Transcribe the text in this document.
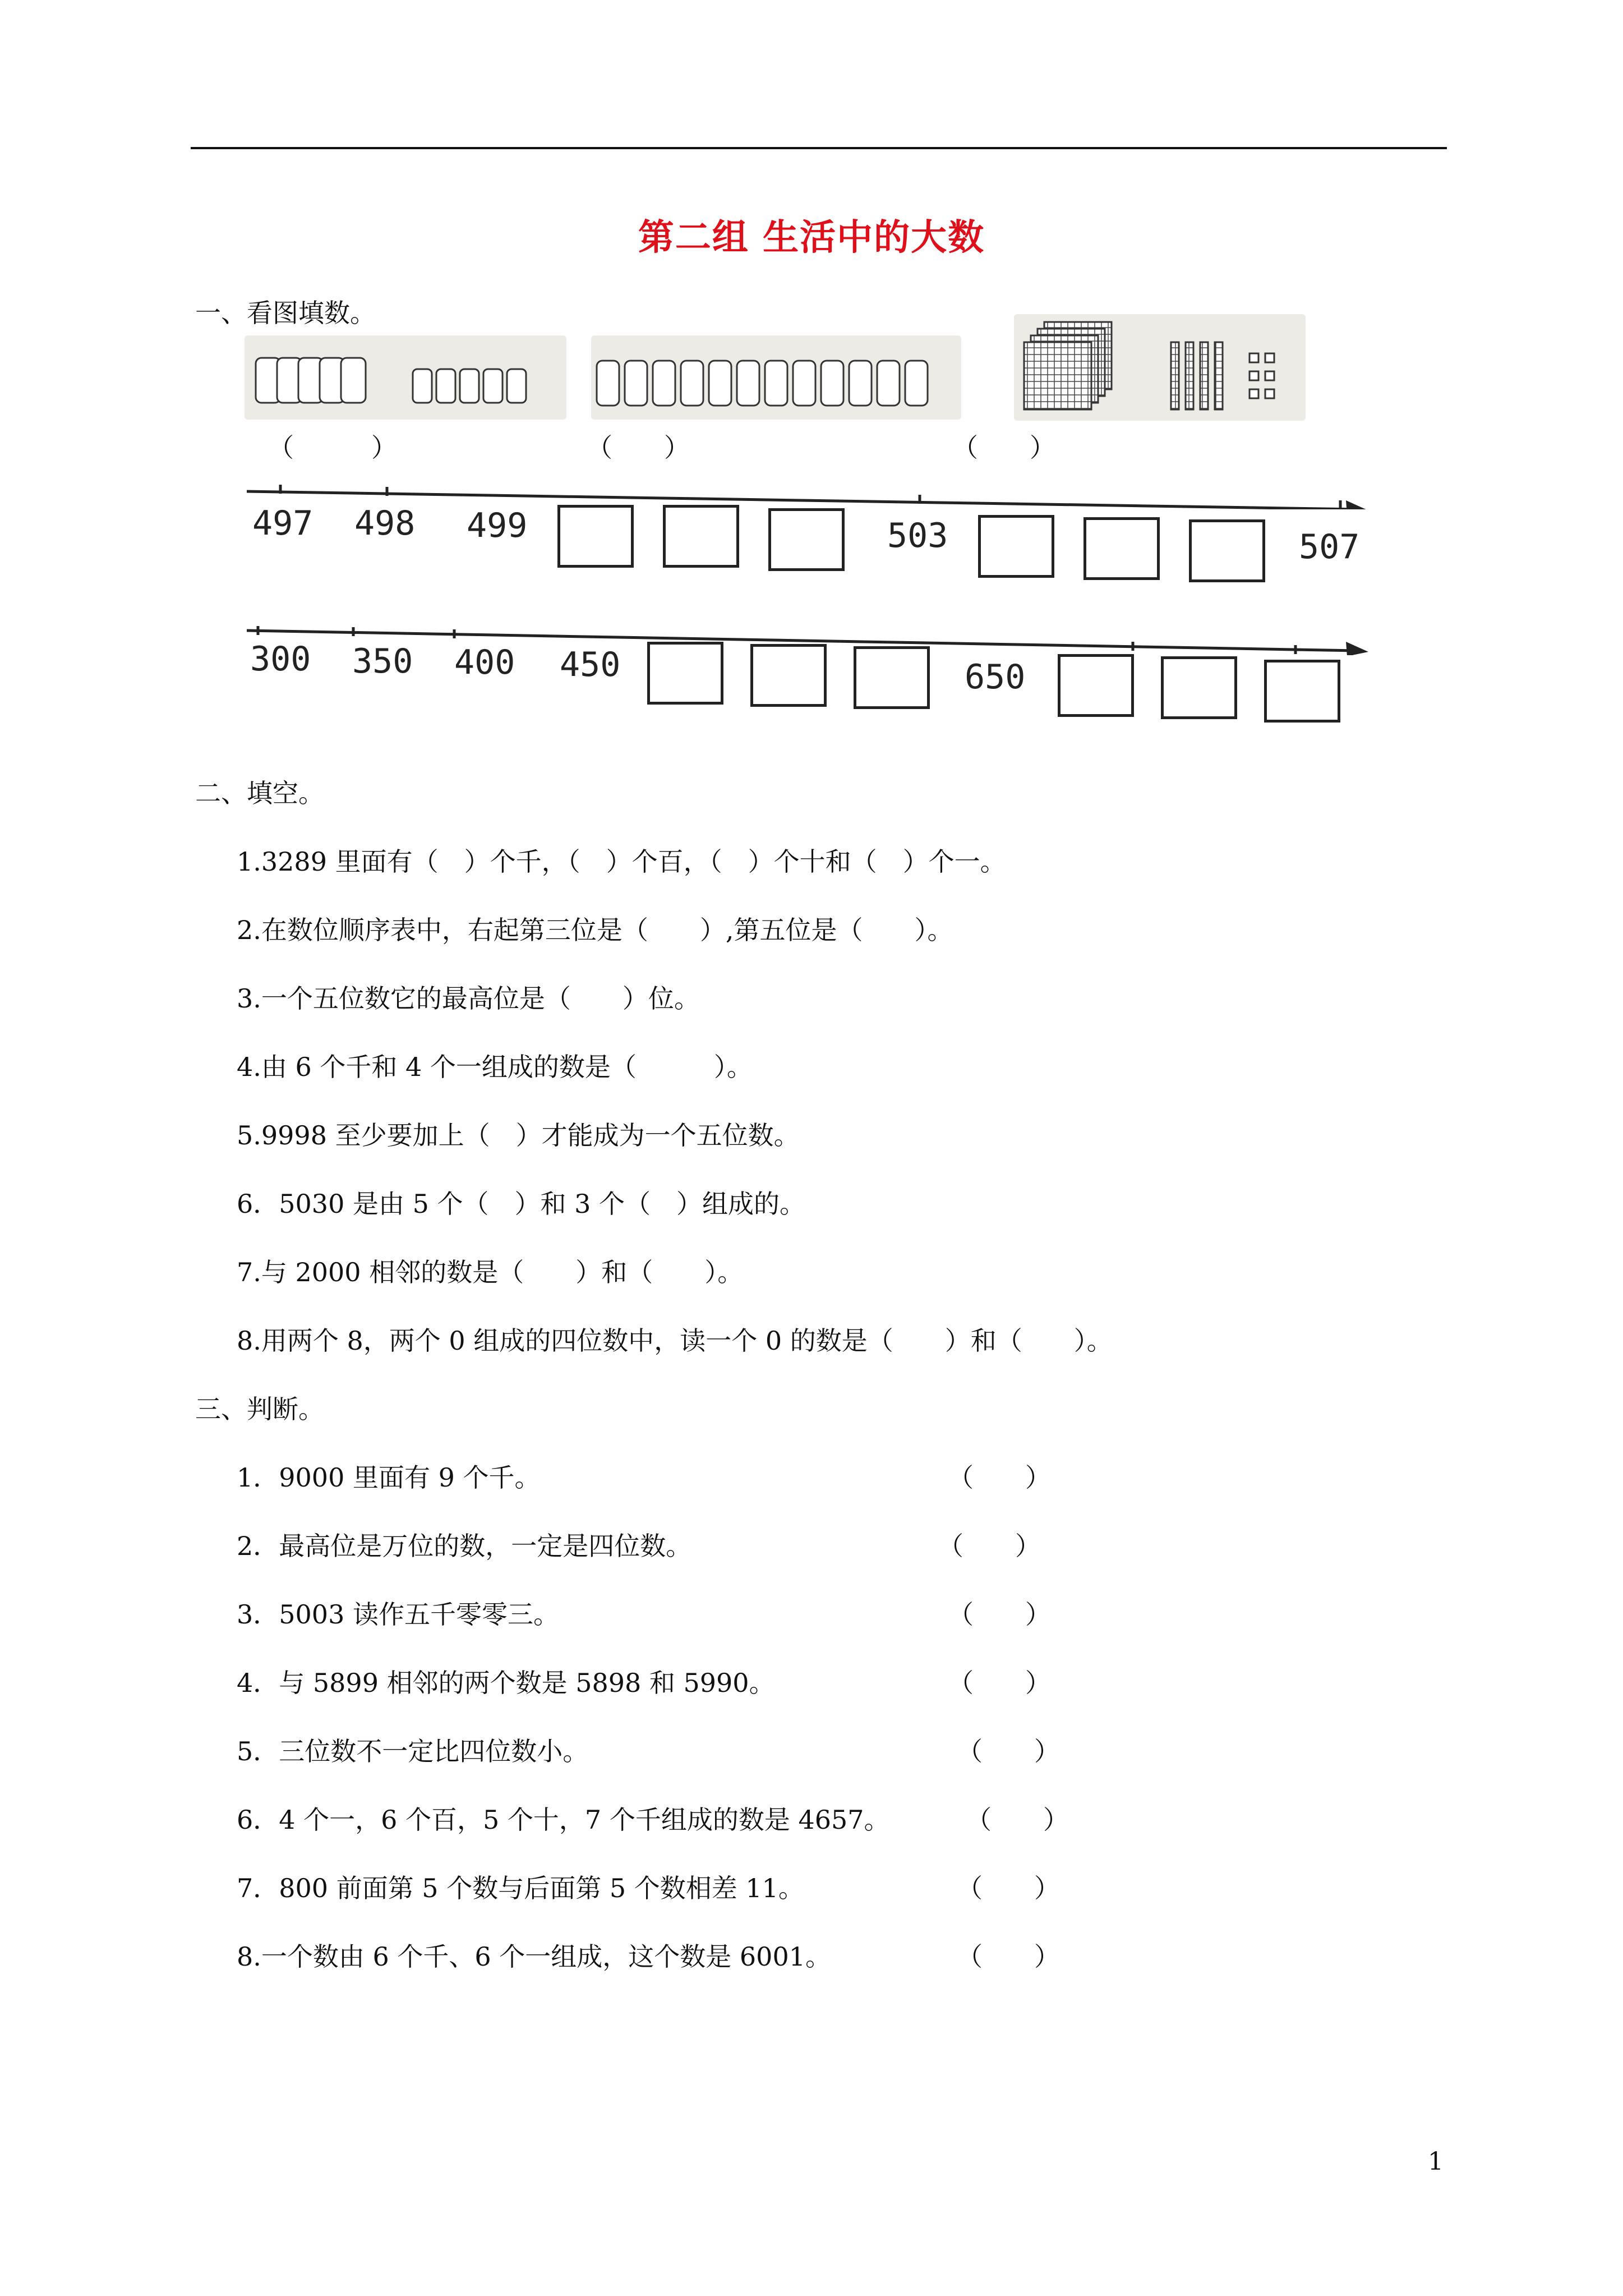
第二组 生活中的大数
一、看图填数。
（　　　）	（　　）	（　　）
497 498 499	503	507
300 350 400 450	650
二、填空。
1.3289 里面有（　）个千，（　）个百，（　）个十和（　）个一。
2.在数位顺序表中，右起第三位是（　　）,第五位是（　　）。
3.一个五位数它的最高位是（　　）位。
4.由 6 个千和 4 个一组成的数是（　　　）。
5.9998 至少要加上（　）才能成为一个五位数。
6．5030 是由 5 个（　）和 3 个（　）组成的。
7.与 2000 相邻的数是（　　）和（　　）。
8.用两个 8，两个 0 组成的四位数中，读一个 0 的数是（　　）和（　　）。
三、判断。
1．9000 里面有 9 个千。	（　　）
2．最高位是万位的数，一定是四位数。	（　　）
3．5003 读作五千零零三。	（　　）
4．与 5899 相邻的两个数是 5898 和 5990。	（　　）
5．三位数不一定比四位数小。	（　　）
6．4 个一，6 个百，5 个十，7 个千组成的数是 4657。	（　　）
7．800 前面第 5 个数与后面第 5 个数相差 11。	（　　）
8.一个数由 6 个千、6 个一组成，这个数是 6001。	（　　）
1
